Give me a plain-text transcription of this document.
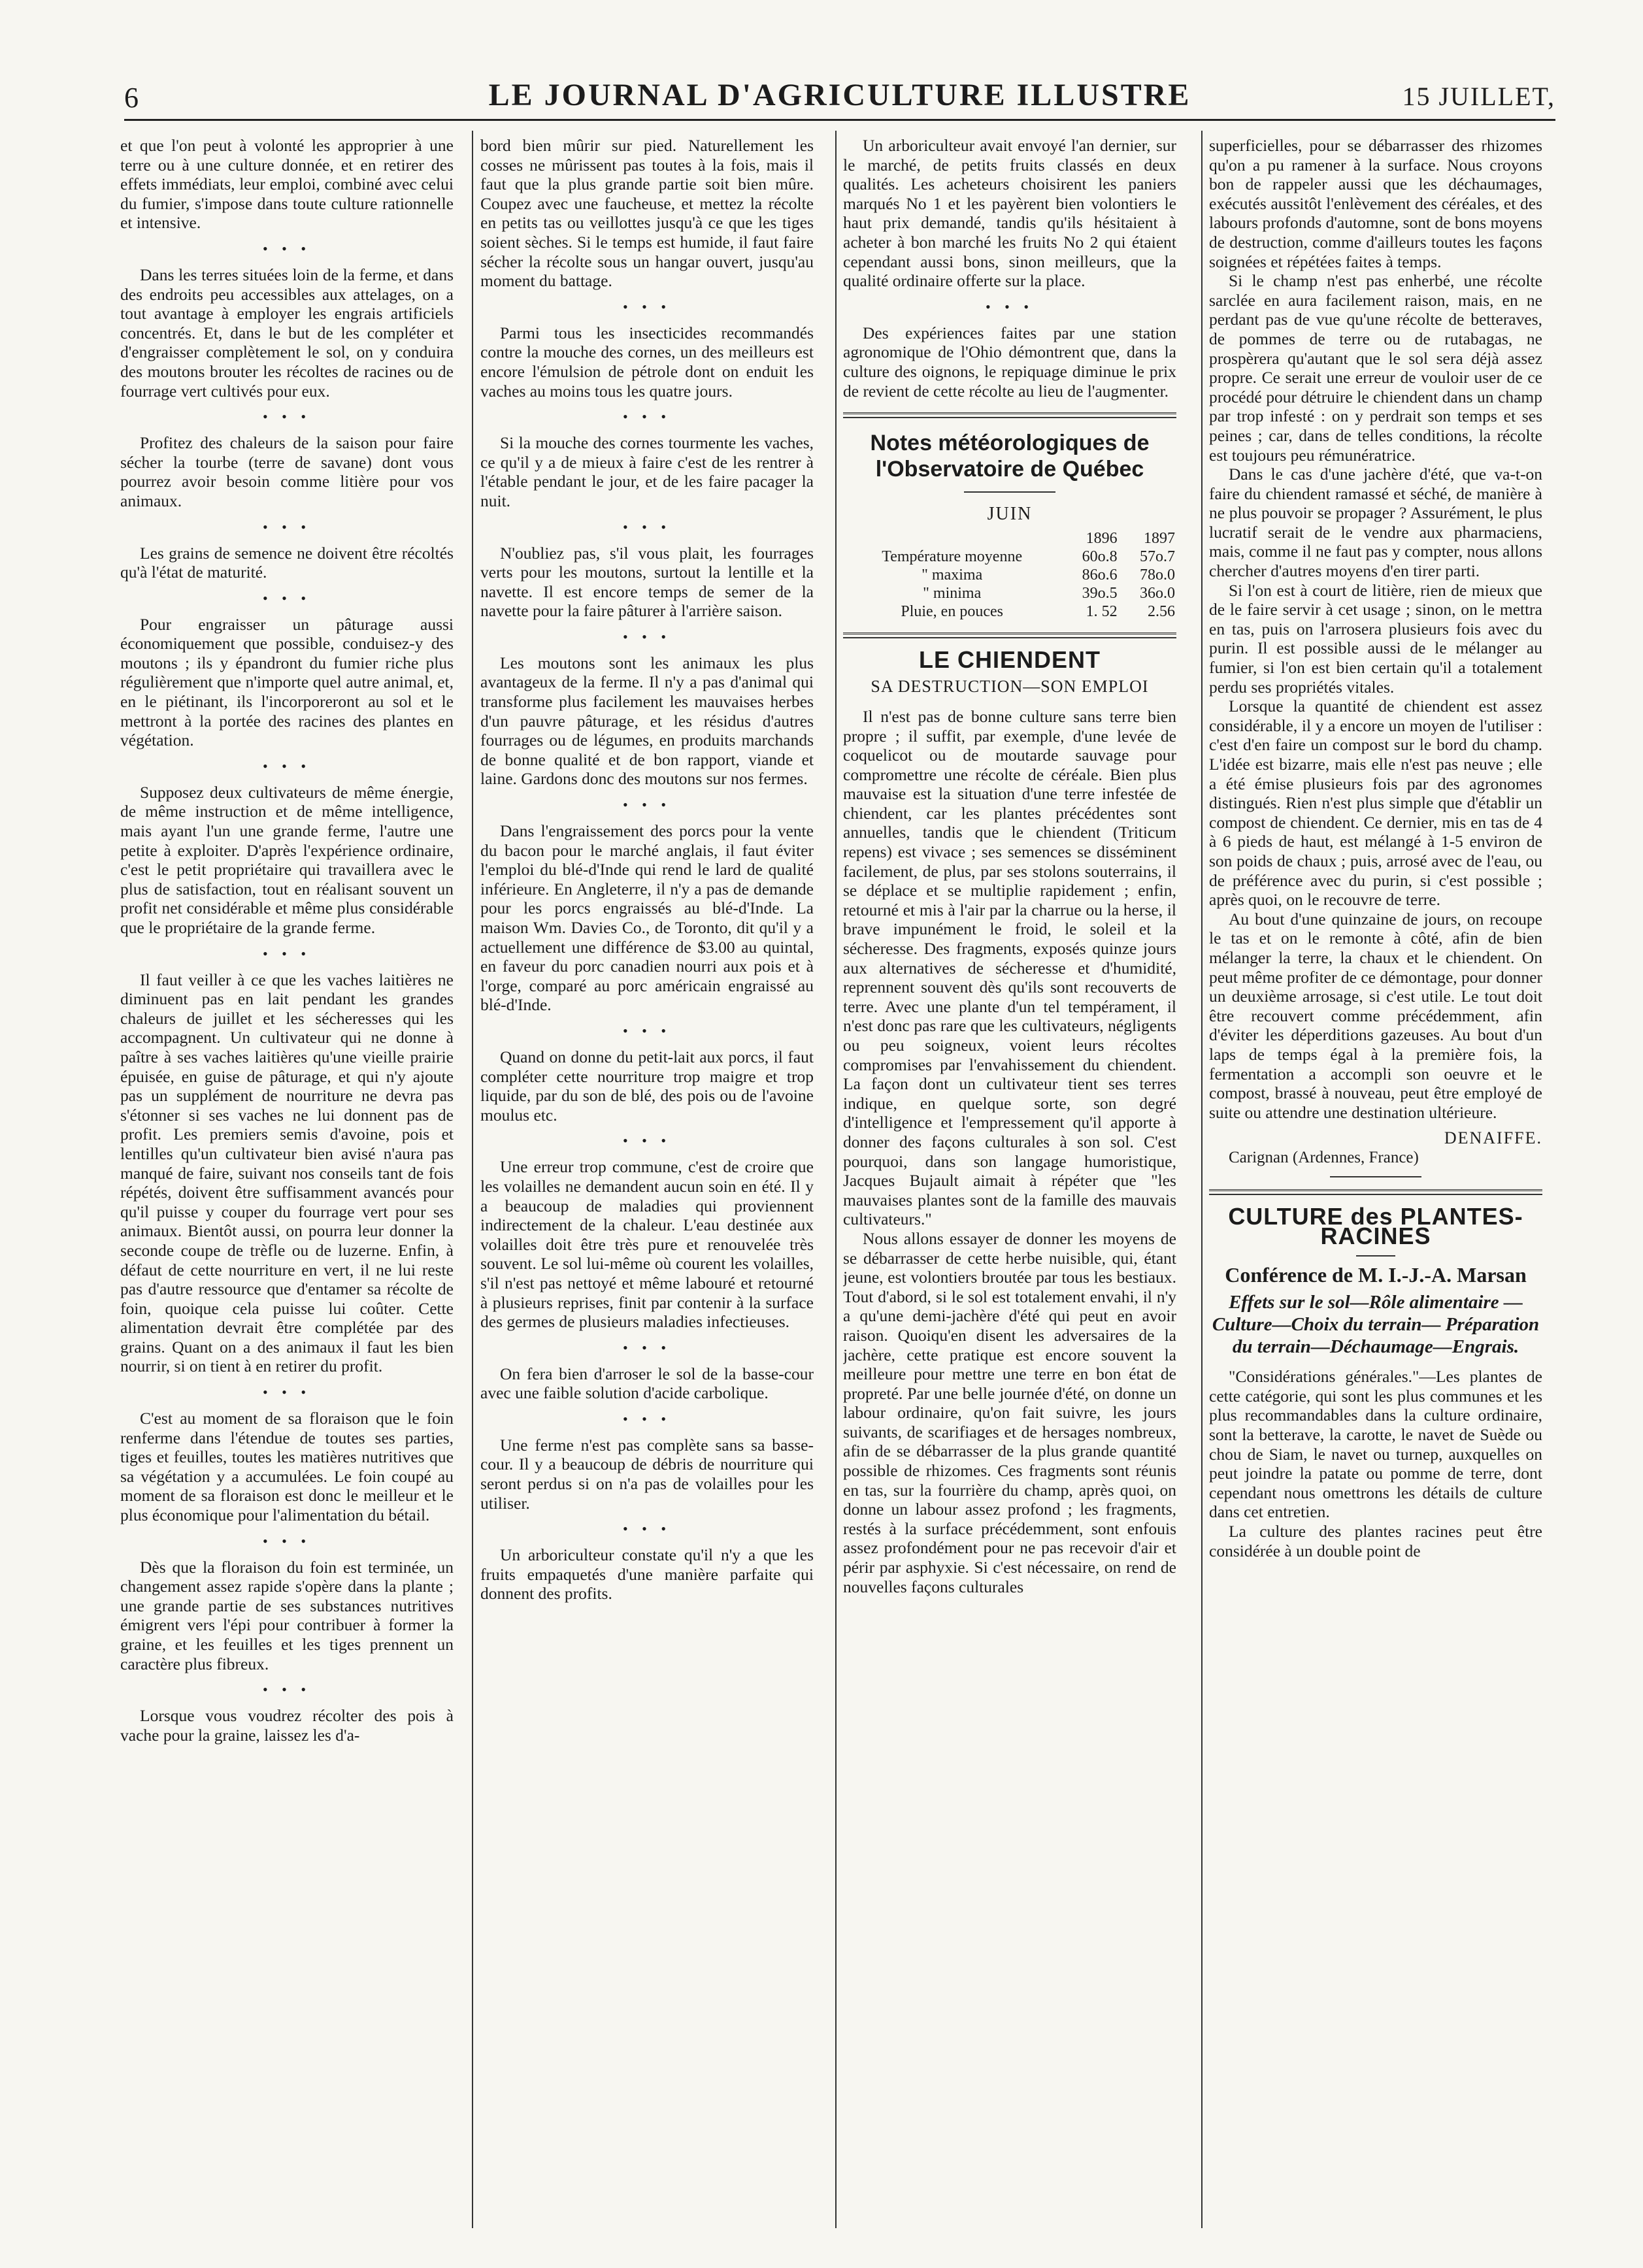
6	LE JOURNAL D'AGRICULTURE ILLUSTRE	15 JUILLET,

et que l'on peut à volonté les approprier à une terre ou à une culture donnée, et en retirer des effets immédiats, leur emploi, combiné avec celui du fumier, s'impose dans toute culture rationnelle et intensive.

• • •

Dans les terres situées loin de la ferme, et dans des endroits peu accessibles aux attelages, on a tout avantage à employer les engrais artificiels concentrés. Et, dans le but de les compléter et d'engraisser complètement le sol, on y conduira des moutons brouter les récoltes de racines ou de fourrage vert cultivés pour eux.

• • •

Profitez des chaleurs de la saison pour faire sécher la tourbe (terre de savane) dont vous pourrez avoir besoin comme litière pour vos animaux.

• • •

Les grains de semence ne doivent être récoltés qu'à l'état de maturité.

• • •

Pour engraisser un pâturage aussi économiquement que possible, conduisez-y des moutons ; ils y épandront du fumier riche plus régulièrement que n'importe quel autre animal, et, en le piétinant, ils l'incorporeront au sol et le mettront à la portée des racines des plantes en végétation.

• • •

Supposez deux cultivateurs de même énergie, de même instruction et de même intelligence, mais ayant l'un une grande ferme, l'autre une petite à exploiter. D'après l'expérience ordinaire, c'est le petit propriétaire qui travaillera avec le plus de satisfaction, tout en réalisant souvent un profit net considérable et même plus considérable que le propriétaire de la grande ferme.

• • •

Il faut veiller à ce que les vaches laitières ne diminuent pas en lait pendant les grandes chaleurs de juillet et les sécheresses qui les accompagnent. Un cultivateur qui ne donne à paître à ses vaches laitières qu'une vieille prairie épuisée, en guise de pâturage, et qui n'y ajoute pas un supplément de nourriture ne devra pas s'étonner si ses vaches ne lui donnent pas de profit. Les premiers semis d'avoine, pois et lentilles qu'un cultivateur bien avisé n'aura pas manqué de faire, suivant nos conseils tant de fois répétés, doivent être suffisamment avancés pour qu'il puisse y couper du fourrage vert pour ses animaux. Bientôt aussi, on pourra leur donner la seconde coupe de trèfle ou de luzerne. Enfin, à défaut de cette nourriture en vert, il ne lui reste pas d'autre ressource que d'entamer sa récolte de foin, quoique cela puisse lui coûter. Cette alimentation devrait être complétée par des grains. Quant on a des animaux il faut les bien nourrir, si on tient à en retirer du profit.

• • •

C'est au moment de sa floraison que le foin renferme dans l'étendue de toutes ses parties, tiges et feuilles, toutes les matières nutritives que sa végétation y a accumulées. Le foin coupé au moment de sa floraison est donc le meilleur et le plus économique pour l'alimentation du bétail.

• • •

Dès que la floraison du foin est terminée, un changement assez rapide s'opère dans la plante ; une grande partie de ses substances nutritives émigrent vers l'épi pour contribuer à former la graine, et les feuilles et les tiges prennent un caractère plus fibreux.

• • •

Lorsque vous voudrez récolter des pois à vache pour la graine, laissez les d'a-

bord bien mûrir sur pied. Naturellement les cosses ne mûrissent pas toutes à la fois, mais il faut que la plus grande partie soit bien mûre. Coupez avec une faucheuse, et mettez la récolte en petits tas ou veillottes jusqu'à ce que les tiges soient sèches. Si le temps est humide, il faut faire sécher la récolte sous un hangar ouvert, jusqu'au moment du battage.

• • •

Parmi tous les insecticides recommandés contre la mouche des cornes, un des meilleurs est encore l'émulsion de pétrole dont on enduit les vaches au moins tous les quatre jours.

• • •

Si la mouche des cornes tourmente les vaches, ce qu'il y a de mieux à faire c'est de les rentrer à l'étable pendant le jour, et de les faire pacager la nuit.

• • •

N'oubliez pas, s'il vous plait, les fourrages verts pour les moutons, surtout la lentille et la navette. Il est encore temps de semer de la navette pour la faire pâturer à l'arrière saison.

• • •

Les moutons sont les animaux les plus avantageux de la ferme. Il n'y a pas d'animal qui transforme plus facilement les mauvaises herbes d'un pauvre pâturage, et les résidus d'autres fourrages ou de légumes, en produits marchands de bonne qualité et de bon rapport, viande et laine. Gardons donc des moutons sur nos fermes.

• • •

Dans l'engraissement des porcs pour la vente du bacon pour le marché anglais, il faut éviter l'emploi du blé-d'Inde qui rend le lard de qualité inférieure. En Angleterre, il n'y a pas de demande pour les porcs engraissés au blé-d'Inde. La maison Wm. Davies Co., de Toronto, dit qu'il y a actuellement une différence de $3.00 au quintal, en faveur du porc canadien nourri aux pois et à l'orge, comparé au porc américain engraissé au blé-d'Inde.

• • •

Quand on donne du petit-lait aux porcs, il faut compléter cette nourriture trop maigre et trop liquide, par du son de blé, des pois ou de l'avoine moulus etc.

• • •

Une erreur trop commune, c'est de croire que les volailles ne demandent aucun soin en été. Il y a beaucoup de maladies qui proviennent indirectement de la chaleur. L'eau destinée aux volailles doit être très pure et renouvelée très souvent. Le sol lui-même où courent les volailles, s'il n'est pas nettoyé et même labouré et retourné à plusieurs reprises, finit par contenir à la surface des germes de plusieurs maladies infectieuses.

• • •

On fera bien d'arroser le sol de la basse-cour avec une faible solution d'acide carbolique.

• • •

Une ferme n'est pas complète sans sa basse-cour. Il y a beaucoup de débris de nourriture qui seront perdus si on n'a pas de volailles pour les utiliser.

• • •

Un arboriculteur constate qu'il n'y a que les fruits empaquetés d'une manière parfaite qui donnent des profits.

Un arboriculteur avait envoyé l'an dernier, sur le marché, de petits fruits classés en deux qualités. Les acheteurs choisirent les paniers marqués No 1 et les payèrent bien volontiers le haut prix demandé, tandis qu'ils hésitaient à acheter à bon marché les fruits No 2 qui étaient cependant aussi bons, sinon meilleurs, que la qualité ordinaire offerte sur la place.

• • •

Des expériences faites par une station agronomique de l'Ohio démontrent que, dans la culture des oignons, le repiquage diminue le prix de revient de cette récolte au lieu de l'augmenter.

Notes météorologiques de l'Observatoire de Québec
JUIN
	1896	1897
Température moyenne	60o.8	57o.7
" maxima	86o.6	78o.0
" minima	39o.5	36o.0
Pluie, en pouces	1. 52	2.56
LE CHIENDENT
SA DESTRUCTION—SON EMPLOI

Il n'est pas de bonne culture sans terre bien propre ; il suffit, par exemple, d'une levée de coquelicot ou de moutarde sauvage pour compromettre une récolte de céréale. Bien plus mauvaise est la situation d'une terre infestée de chiendent, car les plantes précédentes sont annuelles, tandis que le chiendent (Triticum repens) est vivace ; ses semences se disséminent facilement, de plus, par ses stolons souterrains, il se déplace et se multiplie rapidement ; enfin, retourné et mis à l'air par la charrue ou la herse, il brave impunément le froid, le soleil et la sécheresse. Des fragments, exposés quinze jours aux alternatives de sécheresse et d'humidité, reprennent souvent dès qu'ils sont recouverts de terre. Avec une plante d'un tel tempérament, il n'est donc pas rare que les cultivateurs, négligents ou peu soigneux, voient leurs récoltes compromises par l'envahissement du chiendent. La façon dont un cultivateur tient ses terres indique, en quelque sorte, son degré d'intelligence et l'empressement qu'il apporte à donner des façons culturales à son sol. C'est pourquoi, dans son langage humoristique, Jacques Bujault aimait à répéter que "les mauvaises plantes sont de la famille des mauvais cultivateurs."

Nous allons essayer de donner les moyens de se débarrasser de cette herbe nuisible, qui, étant jeune, est volontiers broutée par tous les bestiaux. Tout d'abord, si le sol est totalement envahi, il n'y a qu'une demi-jachère d'été qui peut en avoir raison. Quoiqu'en disent les adversaires de la jachère, cette pratique est encore souvent la meilleure pour mettre une terre en bon état de propreté. Par une belle journée d'été, on donne un labour ordinaire, qu'on fait suivre, les jours suivants, de scarifiages et de hersages nombreux, afin de se débarrasser de la plus grande quantité possible de rhizomes. Ces fragments sont réunis en tas, sur la fourrière du champ, après quoi, on donne un labour assez profond ; les fragments, restés à la surface précédemment, sont enfouis assez profondément pour ne pas recevoir d'air et périr par asphyxie. Si c'est nécessaire, on rend de nouvelles façons culturales

superficielles, pour se débarrasser des rhizomes qu'on a pu ramener à la surface. Nous croyons bon de rappeler aussi que les déchaumages, exécutés aussitôt l'enlèvement des céréales, et des labours profonds d'automne, sont de bons moyens de destruction, comme d'ailleurs toutes les façons soignées et répétées faites à temps.

Si le champ n'est pas enherbé, une récolte sarclée en aura facilement raison, mais, en ne perdant pas de vue qu'une récolte de betteraves, de pommes de terre ou de rutabagas, ne prospèrera qu'autant que le sol sera déjà assez propre. Ce serait une erreur de vouloir user de ce procédé pour détruire le chiendent dans un champ par trop infesté : on y perdrait son temps et ses peines ; car, dans de telles conditions, la récolte est toujours peu rémunératrice.

Dans le cas d'une jachère d'été, que va-t-on faire du chiendent ramassé et séché, de manière à ne plus pouvoir se propager ? Assurément, le plus lucratif serait de le vendre aux pharmaciens, mais, comme il ne faut pas y compter, nous allons chercher d'autres moyens d'en tirer parti.

Si l'on est à court de litière, rien de mieux que de le faire servir à cet usage ; sinon, on le mettra en tas, puis on l'arrosera plusieurs fois avec du purin. Il est possible aussi de le mélanger au fumier, si l'on est bien certain qu'il a totalement perdu ses propriétés vitales.

Lorsque la quantité de chiendent est assez considérable, il y a encore un moyen de l'utiliser : c'est d'en faire un compost sur le bord du champ. L'idée est bizarre, mais elle n'est pas neuve ; elle a été émise plusieurs fois par des agronomes distingués. Rien n'est plus simple que d'établir un compost de chiendent. Ce dernier, mis en tas de 4 à 6 pieds de haut, est mélangé à 1-5 environ de son poids de chaux ; puis, arrosé avec de l'eau, ou de préférence avec du purin, si c'est possible ; après quoi, on le recouvre de terre.

Au bout d'une quinzaine de jours, on recoupe le tas et on le remonte à côté, afin de bien mélanger la terre, la chaux et le chiendent. On peut même profiter de ce démontage, pour donner un deuxième arrosage, si c'est utile. Le tout doit être recouvert comme précédemment, afin d'éviter les déperditions gazeuses. Au bout d'un laps de temps égal à la première fois, la fermentation a accompli son oeuvre et le compost, brassé à nouveau, peut être employé de suite ou attendre une destination ultérieure.

DENAIFFE.

Carignan (Ardennes, France)

CULTURE des PLANTES-RACINES
Conférence de M. I.-J.-A. Marsan
Effets sur le sol—Rôle alimentaire —Culture—Choix du terrain— Préparation du terrain—Déchaumage—Engrais.

"Considérations générales."—Les plantes de cette catégorie, qui sont les plus communes et les plus recommandables dans la culture ordinaire, sont la betterave, la carotte, le navet de Suède ou chou de Siam, le navet ou turnep, auxquelles on peut joindre la patate ou pomme de terre, dont cependant nous omettrons les détails de culture dans cet entretien.

La culture des plantes racines peut être considérée à un double point de
